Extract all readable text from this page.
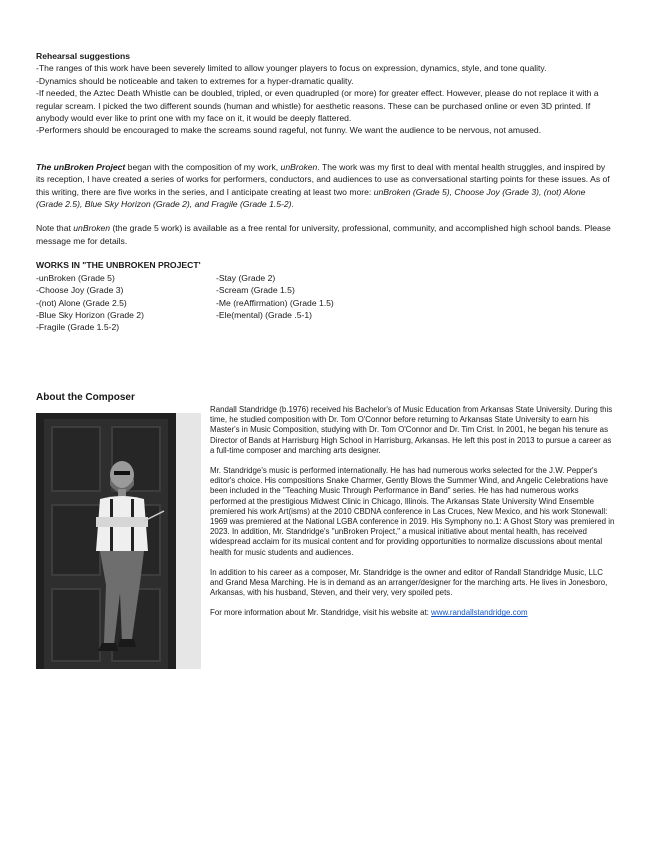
Rehearsal suggestions

-The ranges of this work have been severely limited to allow younger players to focus on expression, dynamics, style, and tone quality.

-Dynamics should be noticeable and taken to extremes for a hyper-dramatic quality.

-If needed, the Aztec Death Whistle can be doubled, tripled, or even quadrupled (or more) for greater effect. However, please do not replace it with a regular scream. I picked the two different sounds (human and whistle) for aesthetic reasons. These can be purchased online or even 3D printed. If anybody would ever like to print one with my face on it, it would be deeply flattered.

-Performers should be encouraged to make the screams sound rageful, not funny. We want the audience to be nervous, not amused.

The unBroken Project began with the composition of my work, unBroken. The work was my first to deal with mental health struggles, and inspired by its reception, I have created a series of works for performers, conductors, and audiences to use as conversational starting points for these issues. As of this writing, there are five works in the series, and I anticipate creating at least two more: unBroken (Grade 5), Choose Joy (Grade 3), (not) Alone (Grade 2.5), Blue Sky Horizon (Grade 2), and Fragile (Grade 1.5-2).

Note that unBroken (the grade 5 work) is available as a free rental for university, professional, community, and accomplished high school bands. Please message me for details.

WORKS IN "THE UNBROKEN PROJECT'

-unBroken (Grade 5)

-Choose Joy (Grade 3)

-(not) Alone (Grade 2.5)

-Blue Sky Horizon (Grade 2)

-Fragile (Grade 1.5-2)

-Stay (Grade 2)

-Scream (Grade 1.5)

-Me (reAffirmation) (Grade 1.5)

-Ele(mental) (Grade .5-1)

About the Composer

Randall Standridge (b.1976) received his Bachelor's of Music Education from Arkansas State University. During this time, he studied composition with Dr. Tom O'Connor before returning to Arkansas State University to earn his Master's in Music Composition, studying with Dr. Tom O'Connor and Dr. Tim Crist. In 2001, he began his tenure as Director of Bands at Harrisburg High School in Harrisburg, Arkansas. He left this post in 2013 to pursue a career as a full-time composer and marching arts designer.

Mr. Standridge's music is performed internationally. He has had numerous works selected for the J.W. Pepper's editor's choice. His compositions Snake Charmer, Gently Blows the Summer Wind, and Angelic Celebrations have been included in the "Teaching Music Through Performance in Band" series. He has had numerous works performed at the prestigious Midwest Clinic in Chicago, Illinois. The Arkansas State University Wind Ensemble premiered his work Art(isms) at the 2010 CBDNA conference in Las Cruces, New Mexico, and his work Stonewall: 1969 was premiered at the National LGBA conference in 2019. His Symphony no.1: A Ghost Story was premiered in 2023. In addition, Mr. Standridge's "unBroken Project," a musical initiative about mental health, has received widespread acclaim for its musical content and for providing opportunities to normalize discussions about mental health for music students and audiences.

In addition to his career as a composer, Mr. Standridge is the owner and editor of Randall Standridge Music, LLC and Grand Mesa Marching. He is in demand as an arranger/designer for the marching arts. He lives in Jonesboro, Arkansas, with his husband, Steven, and their very, very spoiled pets.

For more information about Mr. Standridge, visit his website at: www.randallstandridge.com
